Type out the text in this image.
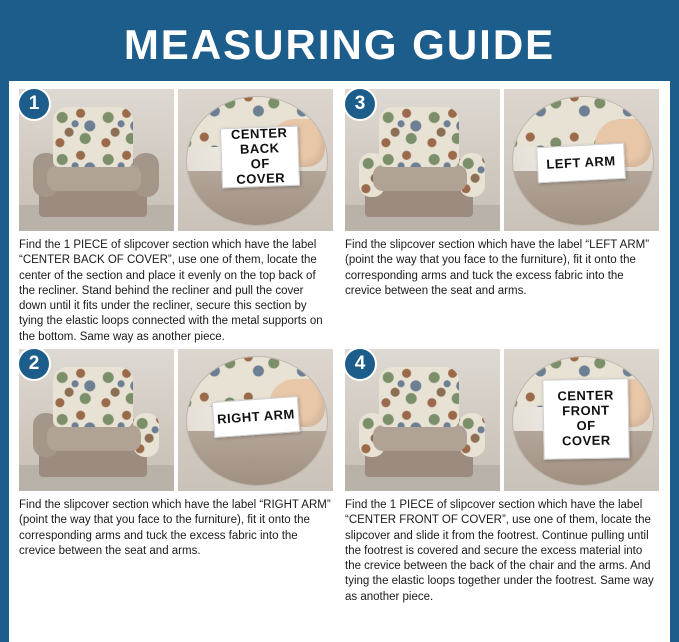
MEASURING GUIDE
1
CENTER
BACK
OF
COVER
Find the 1 PIECE of slipcover section which have the label “CENTER BACK OF COVER”, use one of them, locate the center of the section and place it evenly on the top back of the recliner. Stand behind the recliner and pull the cover down until it fits under the recliner, secure this section by tying the elastic loops connected with the metal supports on the bottom. Same way as another piece.
3
LEFT ARM
Find the slipcover section which have the label “LEFT ARM” (point the way that you face to the furniture), fit it onto the corresponding arms and tuck the excess fabric into the crevice between the seat and arms.
2
RIGHT ARM
Find the slipcover section which have the label “RIGHT ARM” (point the way that you face to the furniture), fit it onto the corresponding arms and tuck the excess fabric into the crevice between the seat and arms.
4
CENTER
FRONT
OF
COVER
Find the 1 PIECE of slipcover section which have the label “CENTER FRONT OF COVER”, use one of them, locate the slipcover and slide it from the footrest. Continue pulling until the footrest is covered and secure the excess material into the crevice between the back of the chair and the arms. And tying the elastic loops together under the footrest. Same way as another piece.
